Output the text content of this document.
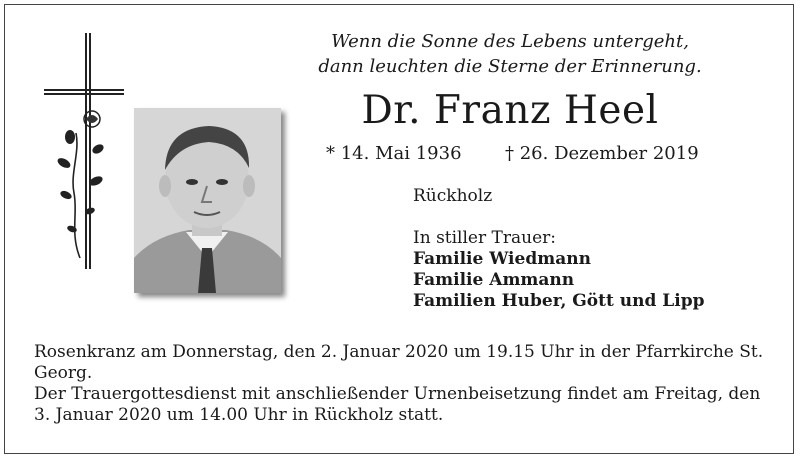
Wenn die Sonne des Lebens untergeht,
dann leuchten die Sterne der Erinnerung.
Dr. Franz Heel
* 14. Mai 1936 † 26. Dezember 2019
Rückholz
In stiller Trauer:
Familie Wiedmann
Familie Ammann
Familien Huber, Gött und Lipp

Rosenkranz am Donnerstag, den 2. Januar 2020 um 19.15 Uhr in der Pfarrkirche St. Georg.

Der Trauergottesdienst mit anschließender Urnenbeisetzung findet am Freitag, den 3. Januar 2020 um 14.00 Uhr in Rückholz statt.
